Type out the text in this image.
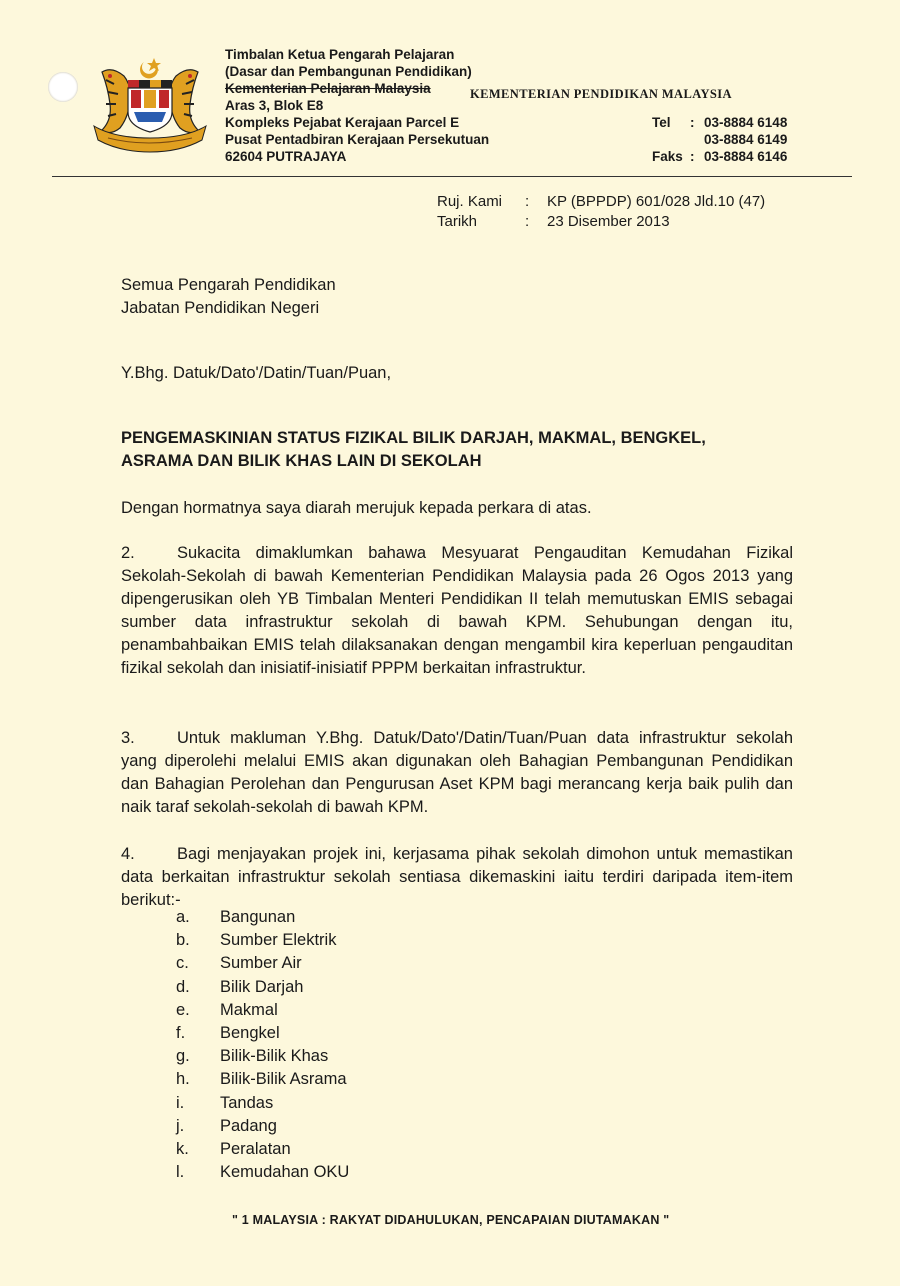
Timbalan Ketua Pengarah Pelajaran
(Dasar dan Pembangunan Pendidikan)
Kementerian Pelajaran Malaysia
Aras 3, Blok E8
Kompleks Pejabat Kerajaan Parcel E
Pusat Pentadbiran Kerajaan Persekutuan
62604 PUTRAJAYA
KEMENTERIAN PENDIDIKAN MALAYSIA
Tel	: 03-8884 6148
03-8884 6149
Faks : 03-8884 6146
Ruj. Kami	:	KP (BPPDP) 601/028 Jld.10 (47)
Tarikh	:	23 Disember 2013
Semua Pengarah Pendidikan
Jabatan Pendidikan Negeri
Y.Bhg. Datuk/Dato'/Datin/Tuan/Puan,
PENGEMASKINIAN STATUS FIZIKAL BILIK DARJAH, MAKMAL, BENGKEL,
ASRAMA DAN BILIK KHAS LAIN DI SEKOLAH
Dengan hormatnya saya diarah merujuk kepada perkara di atas.
2.	Sukacita dimaklumkan bahawa Mesyuarat Pengauditan Kemudahan Fizikal Sekolah-Sekolah di bawah Kementerian Pendidikan Malaysia pada 26 Ogos 2013 yang dipengerusikan oleh YB Timbalan Menteri Pendidikan II telah memutuskan EMIS sebagai sumber data infrastruktur sekolah di bawah KPM. Sehubungan dengan itu, penambahbaikan EMIS telah dilaksanakan dengan mengambil kira keperluan pengauditan fizikal sekolah dan inisiatif-inisiatif PPPM berkaitan infrastruktur.
3.	Untuk makluman Y.Bhg. Datuk/Dato'/Datin/Tuan/Puan data infrastruktur sekolah yang diperolehi melalui EMIS akan digunakan oleh Bahagian Pembangunan Pendidikan dan Bahagian Perolehan dan Pengurusan Aset KPM bagi merancang kerja baik pulih dan naik taraf sekolah-sekolah di bawah KPM.
4.	Bagi menjayakan projek ini, kerjasama pihak sekolah dimohon untuk memastikan data berkaitan infrastruktur sekolah sentiasa dikemaskini iaitu terdiri daripada item-item berikut:-
a.	Bangunan
b.	Sumber Elektrik
c.	Sumber Air
d.	Bilik Darjah
e.	Makmal
f.	Bengkel
g.	Bilik-Bilik Khas
h.	Bilik-Bilik Asrama
i.	Tandas
j.	Padang
k.	Peralatan
l.	Kemudahan OKU
" 1 MALAYSIA : RAKYAT DIDAHULUKAN, PENCAPAIAN DIUTAMAKAN "
